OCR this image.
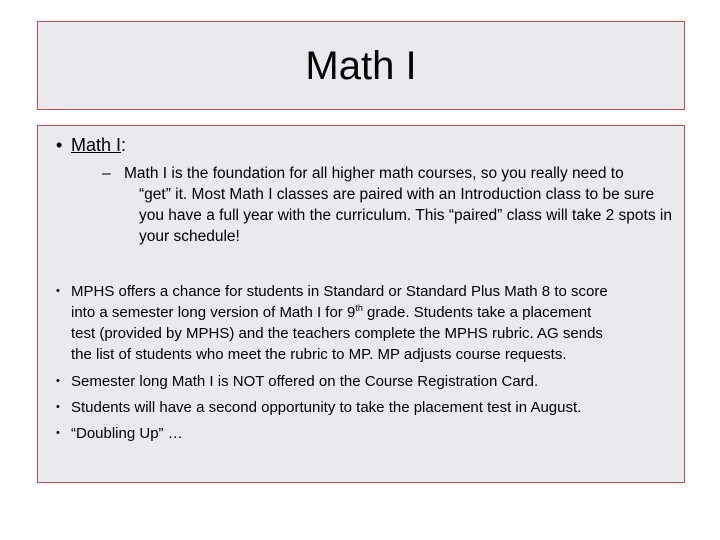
Math I
• Math I:
– Math I is the foundation for all higher math courses, so you really need to
“get” it. Most Math I classes are paired with an Introduction class to be sure
you have a full year with the curriculum. This “paired” class will take 2 spots in
your schedule!
• MPHS offers a chance for students in Standard or Standard Plus Math 8 to score
into a semester long version of Math I for 9th grade. Students take a placement
test (provided by MPHS) and the teachers complete the MPHS rubric. AG sends
the list of students who meet the rubric to MP. MP adjusts course requests.
• Semester long Math I is NOT offered on the Course Registration Card.
• Students will have a second opportunity to take the placement test in August.
• “Doubling Up” …
